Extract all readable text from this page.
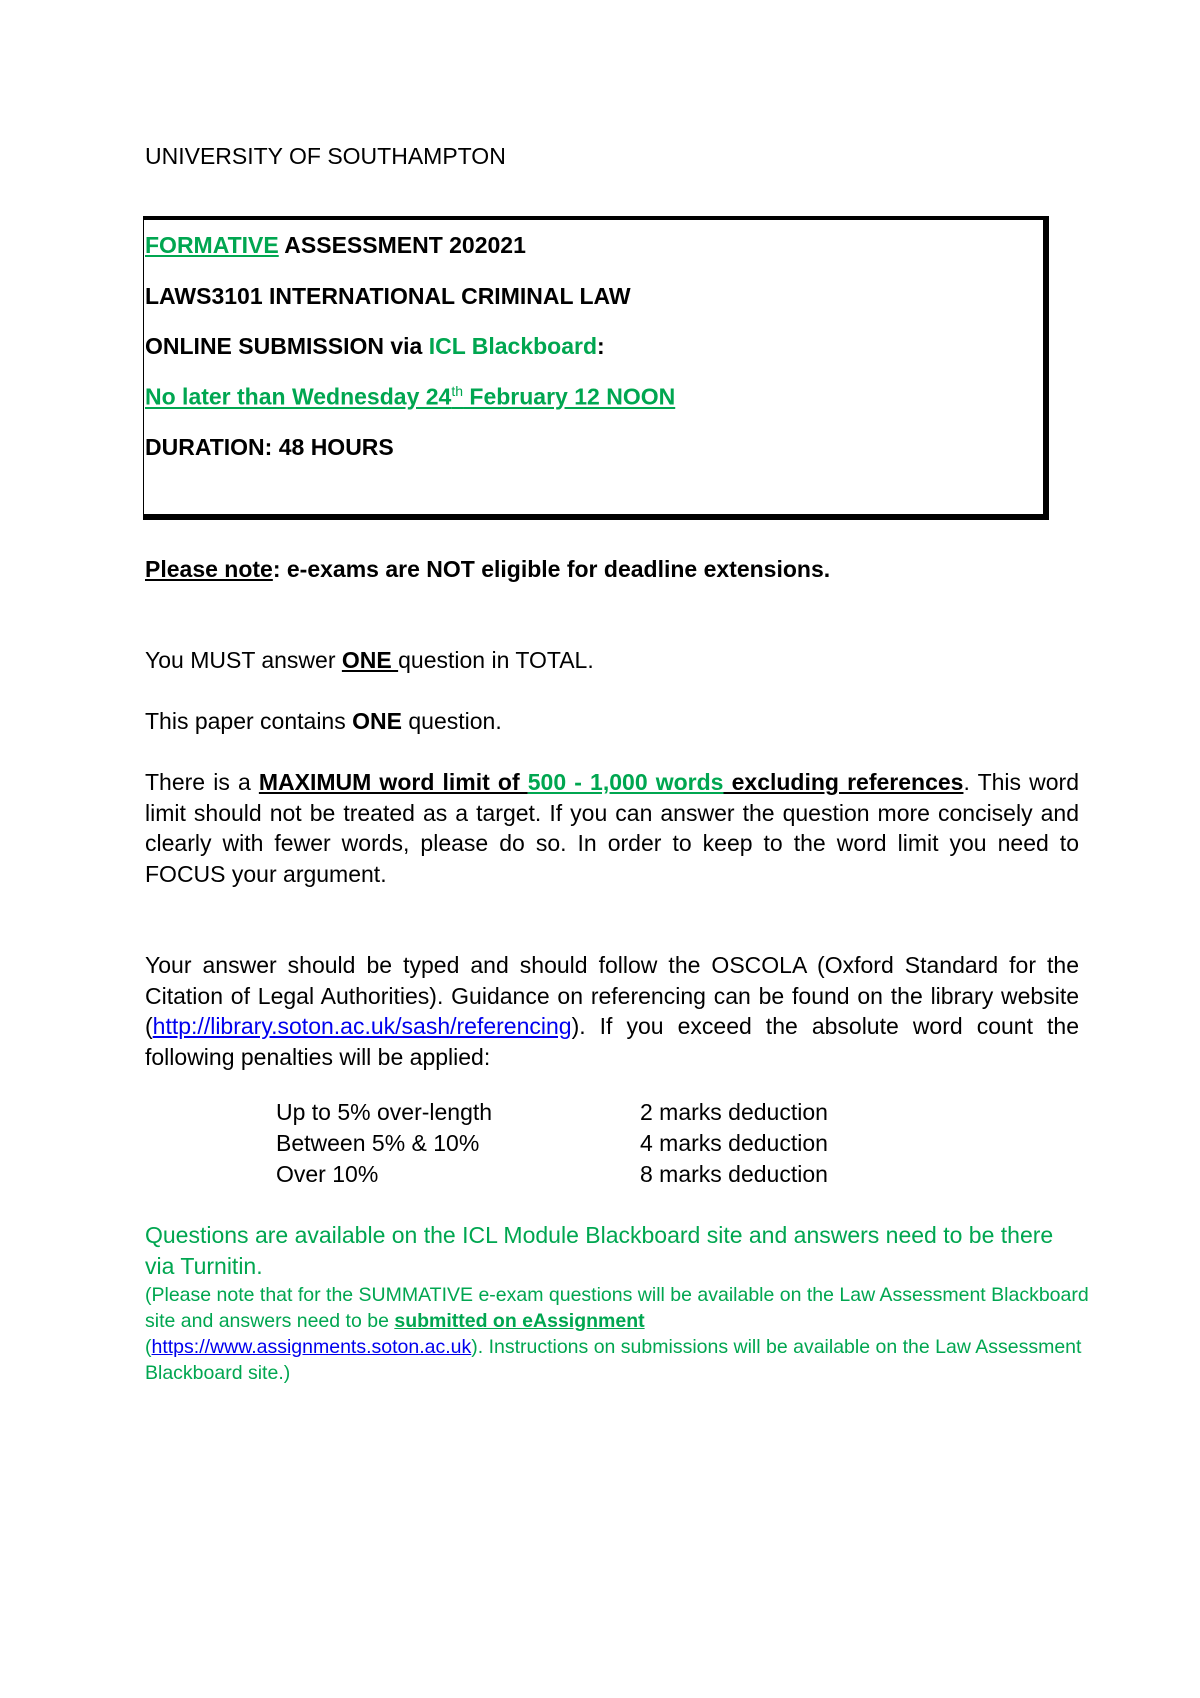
UNIVERSITY OF SOUTHAMPTON
FORMATIVE ASSESSMENT 202021
LAWS3101 INTERNATIONAL CRIMINAL LAW
ONLINE SUBMISSION via ICL Blackboard:
No later than Wednesday 24th February 12 NOON
DURATION: 48 HOURS
Please note: e-exams are NOT eligible for deadline extensions.
You MUST answer ONE question in TOTAL.
This paper contains ONE question.
There is a MAXIMUM word limit of 500 - 1,000 words excluding references. This word limit should not be treated as a target. If you can answer the question more concisely and clearly with fewer words, please do so. In order to keep to the word limit you need to FOCUS your argument.
Your answer should be typed and should follow the OSCOLA (Oxford Standard for the Citation of Legal Authorities). Guidance on referencing can be found on the library website (http://library.soton.ac.uk/sash/referencing). If you exceed the absolute word count the following penalties will be applied:
Up to 5% over-length	2 marks deduction
Between 5% & 10%	4 marks deduction
Over 10%	8 marks deduction
Questions are available on the ICL Module Blackboard site and answers need to be there via Turnitin.
(Please note that for the SUMMATIVE e-exam questions will be available on the Law Assessment Blackboard site and answers need to be submitted on eAssignment
(https://www.assignments.soton.ac.uk). Instructions on submissions will be available on the Law Assessment Blackboard site.)
